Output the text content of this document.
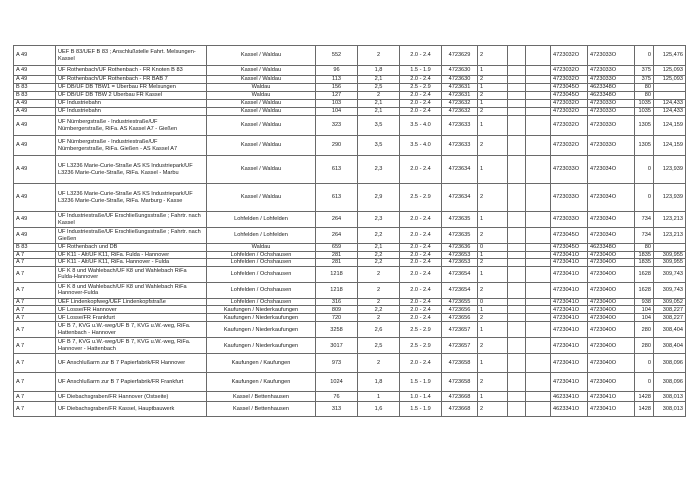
A 49	UEF B 83/UEF B 83 ; Anschlußstelle Fahrt. Melsungen-Kassel	Kassel / Waldau	552	2	2.0 - 2.4	4723629	2			4723032O	4723033O	0	125,476
A 49	UF Rothenbach/UF Rothenbach - FR Knoten B 83	Kassel / Waldau	96	1,8	1.5 - 1.9	4723630	1			4723032O	4723033O	375	125,093
A 49	UF Rothenbach/UF Rothenbach - FR BAB 7	Kassel / Waldau	113	2,1	2.0 - 2.4	4723630	2			4723032O	4723033O	375	125,093
B 83	UF DB/UF DB TBW1 = Überbau FR Melsungen	Waldau	156	2,5	2.5 - 2.9	4723631	1			4723045O	4623348O	80	
B 83	UF DB/UF DB TBW 2 Überbau FR Kassel	Waldau	127	2	2.0 - 2.4	4723631	2			4723045O	4623348O	80	
A 49	UF Industriebahn	Kassel / Waldau	103	2,1	2.0 - 2.4	4723632	1			4723032O	4723033O	1035	124,433
A 49	UF Industriebahn	Kassel / Waldau	104	2,1	2.0 - 2.4	4723632	2			4723032O	4723033O	1035	124,433
A 49	UF Nürnbergstraße - Industriestraße/UF Nürnbergerstraße, RiFa. AS Kassel A7 - Gießen	Kassel / Waldau	323	3,5	3.5 - 4.0	4723633	1			4723032O	4723033O	1305	124,159
A 49	UF Nürnbergstraße - Industriestraße/UF Nürnbergerstraße, RiFa. Gießen - AS Kassel A7	Kassel / Waldau	290	3,5	3.5 - 4.0	4723633	2			4723032O	4723033O	1305	124,159
A 49	UF L3236 Marie-Curie-Straße AS KS Industriepark/UF L3236 Marie-Curie-Straße, RiFa. Kassel - Marbu	Kassel / Waldau	613	2,3	2.0 - 2.4	4723634	1			4723033O	4723034O	0	123,939
A 49	UF L3236 Marie-Curie-Straße AS KS Industriepark/UF L3236 Marie-Curie-Straße, RiFa. Marburg - Kasse	Kassel / Waldau	613	2,9	2.5 - 2.9	4723634	2			4723033O	4723034O	0	123,939
A 49	UF Industriestraße/UF Erschließungsstraße ; Fahrtr. nach Kassel	Lohfelden / Lohfelden	264	2,3	2.0 - 2.4	4723635	1			4723033O	4723034O	734	123,213
A 49	UF Industriestraße/UF Erschließungsstraße ; Fahrtr. nach Gießen	Lohfelden / Lohfelden	264	2,2	2.0 - 2.4	4723635	2			4723045O	4723034O	734	123,213
B 83	UF Rothenbach und DB	Waldau	659	2,1	2.0 - 2.4	4723636	0			4723045O	4623348O	80	
A 7	UF K11 - Alt/UF K11, RiFa. Fulda - Hannover	Lohfelden / Ochshausen	281	2,2	2.0 - 2.4	4723653	1			4723041O	4723040O	1835	309,955
A 7	UF K11 - Alt/UF K11, RiFa. Hannover - Fulda	Lohfelden / Ochshausen	281	2,2	2.0 - 2.4	4723653	2			4723041O	4723040O	1835	309,955
A 7	UF K 8 und Wahlebach/UF K8 und Wahlebach RiFa Fulda-Hannover	Lohfelden / Ochshausen	1218	2	2.0 - 2.4	4723654	1			4723041O	4723040O	1628	309,743
A 7	UF K 8 und Wahlebach/UF K8 und Wahlebach RiFa Hannover-Fulda	Lohfelden / Ochshausen	1218	2	2.0 - 2.4	4723654	2			4723041O	4723040O	1628	309,743
A 7	UEF Lindenkopfweg/UEF Lindenkopfstraße	Lohfelden / Ochshausen	316	2	2.0 - 2.4	4723655	0			4723041O	4723040O	938	309,052
A 7	UF Losse/FR Hannover	Kaufungen / Niederkaufungen	809	2,2	2.0 - 2.4	4723656	1			4723041O	4723040O	104	308,227
A 7	UF Losse/FR Frankfurt	Kaufungen / Niederkaufungen	720	2	2.0 - 2.4	4723656	2			4723041O	4723040O	104	308,227
A 7	UF B 7, KVG u.W.-weg/UF B 7, KVG u.W.-weg, RiFa. Hattenbach - Hannover	Kaufungen / Niederkaufungen	3258	2,6	2.5 - 2.9	4723657	1			4723041O	4723040O	280	308,404
A 7	UF B 7, KVG u.W.-weg/UF B 7, KVG u.W.-weg, RiFa. Hannover - Hattenbach	Kaufungen / Niederkaufungen	3017	2,5	2.5 - 2.9	4723657	2			4723041O	4723040O	280	308,404
A 7	UF Anschlußarm zur B 7 Papierfabrik/FR Hannover	Kaufungen / Kaufungen	973	2	2.0 - 2.4	4723658	1			4723041O	4723040O	0	308,096
A 7	UF Anschlußarm zur B 7 Papierfabrik/FR Frankfurt	Kaufungen / Kaufungen	1024	1,8	1.5 - 1.9	4723658	2			4723041O	4723040O	0	308,096
A 7	UF Diebachsgraben/FR Hannover (Ostseite)	Kassel / Bettenhausen	76	1	1.0 - 1.4	4723668	1			4623341O	4723041O	1428	308,013
A 7	UF Diebachsgraben/FR Kassel, Hauptbauwerk	Kassel / Bettenhausen	313	1,6	1.5 - 1.9	4723668	2			4623341O	4723041O	1428	308,013
